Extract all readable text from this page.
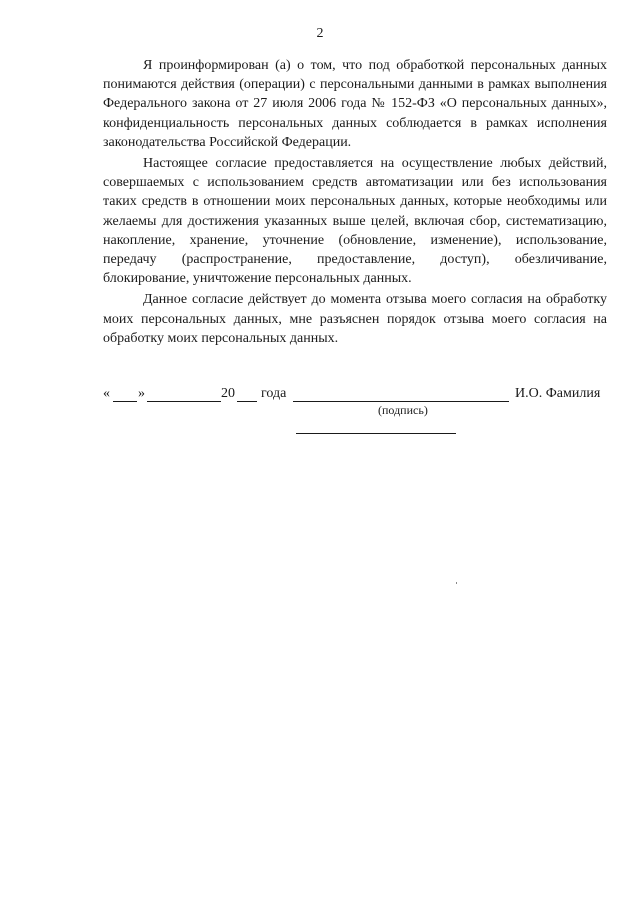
2

Я проинформирован (а) о том, что под обработкой персональных данных понимаются действия (операции) с персональными данными в рамках выполнения Федерального закона от 27 июля 2006 года № 152-ФЗ «О персональных данных», конфиденциальность персональных данных соблюдается в рамках исполнения законодательства Российской Федерации.

Настоящее согласие предоставляется на осуществление любых действий, совершаемых с использованием средств автоматизации или без использования таких средств в отношении моих персональных данных, которые необходимы или желаемы для достижения указанных выше целей, включая сбор, систематизацию, накопление, хранение, уточнение (обновление, изменение), использование, передачу (распространение, предоставление, доступ), обезличивание, блокирование, уничтожение персональных данных.

Данное согласие действует до момента отзыва моего согласия на обработку моих персональных данных, мне разъяснен порядок отзыва моего согласия на обработку моих персональных данных.

« »	20 года	И.О. Фамилия
(подпись)
